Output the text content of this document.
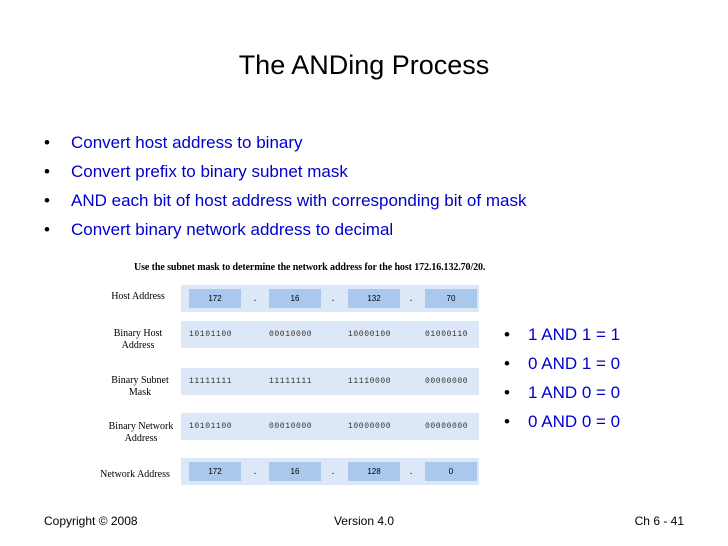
The ANDing Process
• Convert host address to binary
• Convert prefix to binary subnet mask
• AND each bit of host address with corresponding bit of mask
• Convert binary network address to decimal
Use the subnet mask to determine the network address for the host 172.16.132.70/20.
Host Address	172	.	16	.	132	.	70
Binary Host Address
10101100	00010000	10000100	01000110
Binary Subnet Mask
11111111	11111111	11110000	00000000
Binary Network Address
10101100	00010000	10000000	00000000
Network Address	172	.	16	.	128	.	0
• 1 AND 1 = 1
• 0 AND 1 = 0
• 1 AND 0 = 0
• 0 AND 0 = 0
Copyright © 2008	Version 4.0	Ch 6 - 41
